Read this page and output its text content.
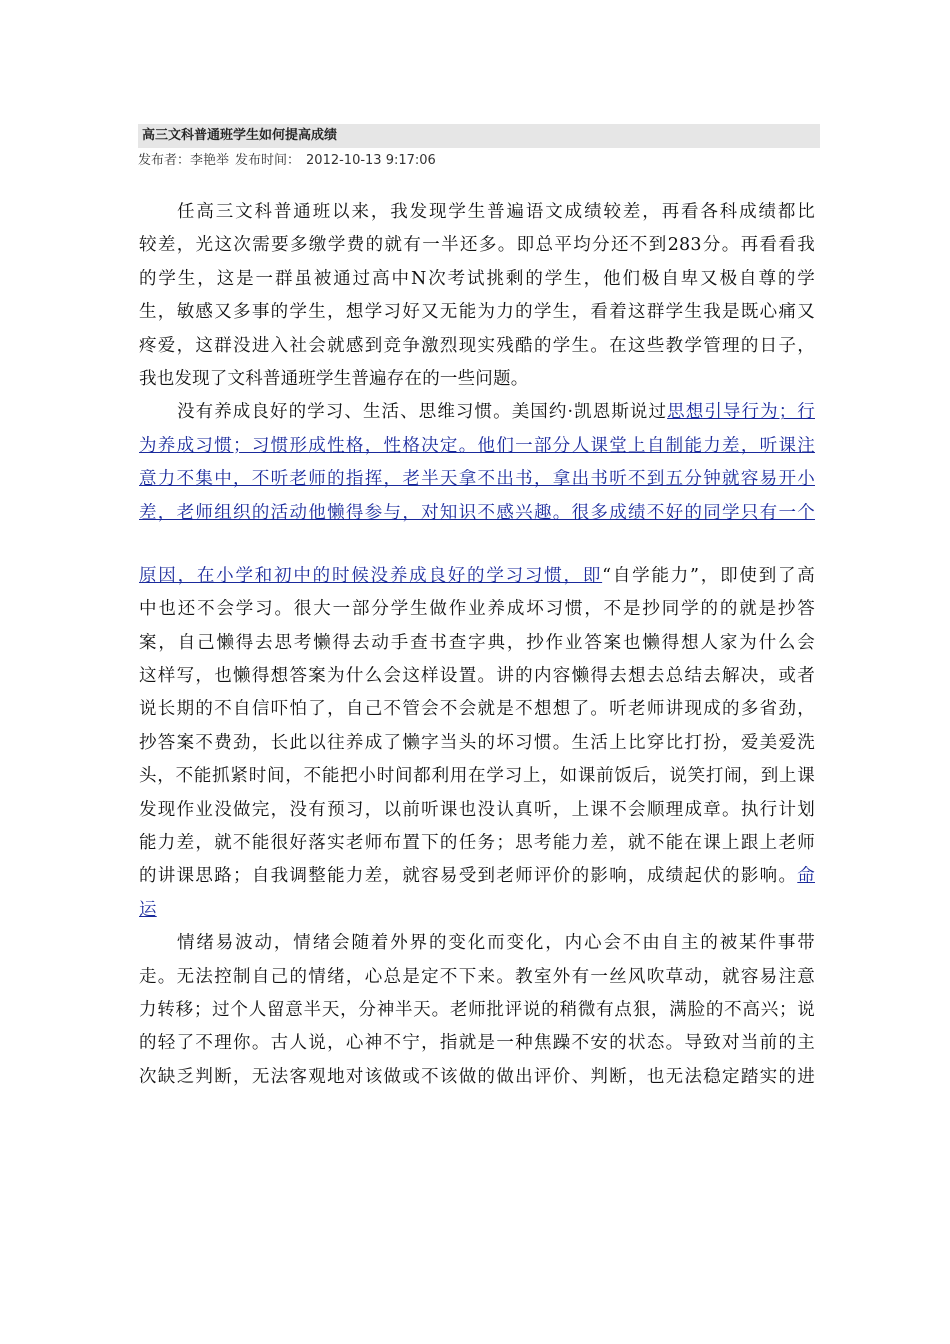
高三文科普通班学生如何提高成绩
发布者：李艳举 发布时间： 2012-10-13 9:17:06
任高三文科普通班以来，我发现学生普遍语文成绩较差，再看各科成绩都比
较差，光这次需要多缴学费的就有一半还多。即总平均分还不到283分。再看看我
的学生，这是一群虽被通过高中N次考试挑剩的学生，他们极自卑又极自尊的学
生，敏感又多事的学生，想学习好又无能为力的学生，看着这群学生我是既心痛又
疼爱，这群没进入社会就感到竞争激烈现实残酷的学生。在这些教学管理的日子，
我也发现了文科普通班学生普遍存在的一些问题。
没有养成良好的学习、生活、思维习惯。美国约·凯恩斯说过思想引导行为；行
为养成习惯；习惯形成性格，性格决定。他们一部分人课堂上自制能力差，听课注
意力不集中，不听老师的指挥，老半天拿不出书，拿出书听不到五分钟就容易开小
差，老师组织的活动他懒得参与，对知识不感兴趣。很多成绩不好的同学只有一个
原因，在小学和初中的时候没养成良好的学习习惯，即“自学能力”，即使到了高
中也还不会学习。很大一部分学生做作业养成坏习惯，不是抄同学的的就是抄答
案，自己懒得去思考懒得去动手查书查字典，抄作业答案也懒得想人家为什么会
这样写，也懒得想答案为什么会这样设置。讲的内容懒得去想去总结去解决，或者
说长期的不自信吓怕了，自己不管会不会就是不想想了。听老师讲现成的多省劲，
抄答案不费劲，长此以往养成了懒字当头的坏习惯。生活上比穿比打扮，爱美爱洗
头，不能抓紧时间，不能把小时间都利用在学习上，如课前饭后，说笑打闹，到上课
发现作业没做完，没有预习，以前听课也没认真听，上课不会顺理成章。执行计划
能力差，就不能很好落实老师布置下的任务；思考能力差，就不能在课上跟上老师
的讲课思路；自我调整能力差，就容易受到老师评价的影响，成绩起伏的影响。命
运
情绪易波动，情绪会随着外界的变化而变化，内心会不由自主的被某件事带
走。无法控制自己的情绪，心总是定不下来。教室外有一丝风吹草动，就容易注意
力转移；过个人留意半天，分神半天。老师批评说的稍微有点狠，满脸的不高兴；说
的轻了不理你。古人说，心神不宁，指就是一种焦躁不安的状态。导致对当前的主
次缺乏判断，无法客观地对该做或不该做的做出评价、判断，也无法稳定踏实的进
